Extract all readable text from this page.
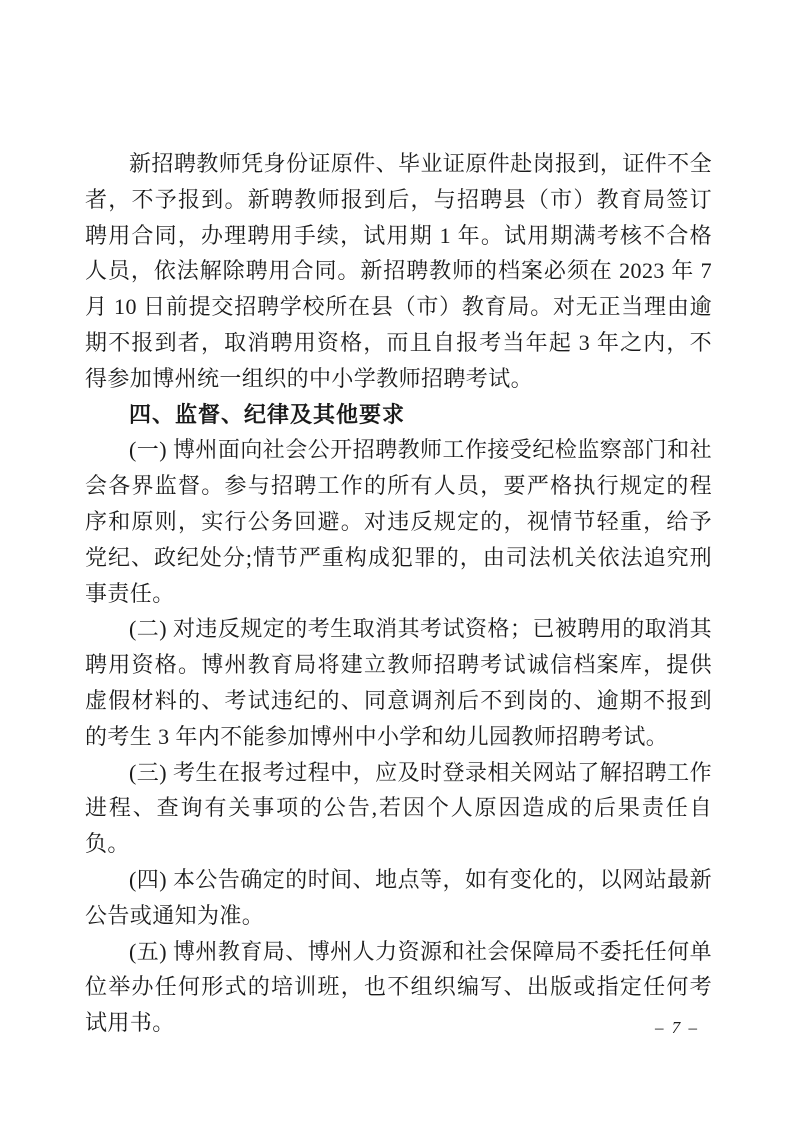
新招聘教师凭身份证原件、毕业证原件赴岗报到，证件不全者，不予报到。新聘教师报到后，与招聘县（市）教育局签订聘用合同，办理聘用手续，试用期 1 年。试用期满考核不合格人员，依法解除聘用合同。新招聘教师的档案必须在 2023 年 7 月 10 日前提交招聘学校所在县（市）教育局。对无正当理由逾期不报到者，取消聘用资格，而且自报考当年起 3 年之内，不得参加博州统一组织的中小学教师招聘考试。

四、监督、纪律及其他要求

(一) 博州面向社会公开招聘教师工作接受纪检监察部门和社会各界监督。参与招聘工作的所有人员，要严格执行规定的程序和原则，实行公务回避。对违反规定的，视情节轻重，给予党纪、政纪处分;情节严重构成犯罪的，由司法机关依法追究刑事责任。

(二) 对违反规定的考生取消其考试资格；已被聘用的取消其聘用资格。博州教育局将建立教师招聘考试诚信档案库，提供虚假材料的、考试违纪的、同意调剂后不到岗的、逾期不报到的考生 3 年内不能参加博州中小学和幼儿园教师招聘考试。

(三) 考生在报考过程中，应及时登录相关网站了解招聘工作进程、查询有关事项的公告,若因个人原因造成的后果责任自负。

(四) 本公告确定的时间、地点等，如有变化的，以网站最新公告或通知为准。

(五) 博州教育局、博州人力资源和社会保障局不委托任何单位举办任何形式的培训班，也不组织编写、出版或指定任何考试用书。	– 7 –
